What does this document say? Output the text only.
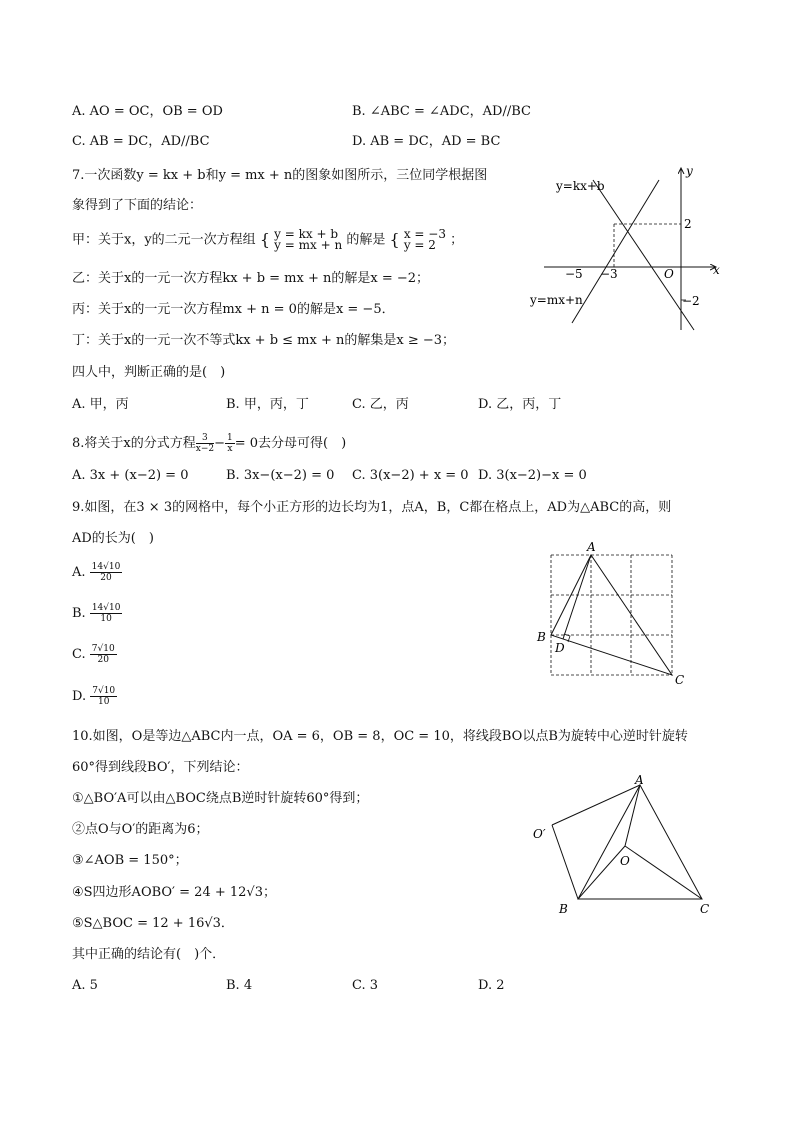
A. AO = OC，OB = OD	B. ∠ABC = ∠ADC，AD//BC
C. AB = DC，AD//BC	D. AB = DC，AD = BC
7.一次函数y = kx + b和y = mx + n的图象如图所示，三位同学根据图
象得到了下面的结论：
甲：关于x，y的二元一次方程组 { y = kx + b
y = mx + n 的解是 { x = −3
y = 2	；
乙：关于x的一元一次方程kx + b = mx + n的解是x = −2；
丙：关于x的一元一次方程mx + n = 0的解是x = −5．
丁：关于x的一元一次不等式kx + b ≤ mx + n的解集是x ≥ −3；
四人中，判断正确的是(　)
A. 甲，丙	B. 甲，丙，丁	C. 乙，丙	D. 乙，丙，丁
y=kx+b
y=mx+n
y
x
O
2
−2
−5 −3
8.将关于x的分式方程 $\frac{3}{x-2} - \frac{1}{x} = 0$去分母可得(　)
A. 3x + (x−2) = 0	B. 3x−(x−2) = 0 C. 3(x−2) + x = 0 D. 3(x−2)−x = 0
9.如图，在3 × 3的网格中，每个小正方形的边长均为1，点A，B，C都在格点上，AD为△ABC的高，则
AD的长为(　)
A. $\frac{14√10}{20}$
B. $\frac{14√10}{10}$
C. $\frac{7√10}{20}$
D. $\frac{7√10}{10}$
A
B
C
D
10.如图，O是等边△ABC内一点，OA = 6，OB = 8，OC = 10，将线段BO以点B为旋转中心逆时针旋转
60°得到线段BO′，下列结论：
①△BO′A可以由△BOC绕点B逆时针旋转60°得到；
②点O与O′的距离为6；
③∠AOB = 150°；
④S四边形AOBO′ = 24 + 12√3；
⑤S△BOC = 12 + 16√3．
其中正确的结论有(　)个．
A. 5	B. 4	C. 3	D. 2
A
B	C
O
O′
